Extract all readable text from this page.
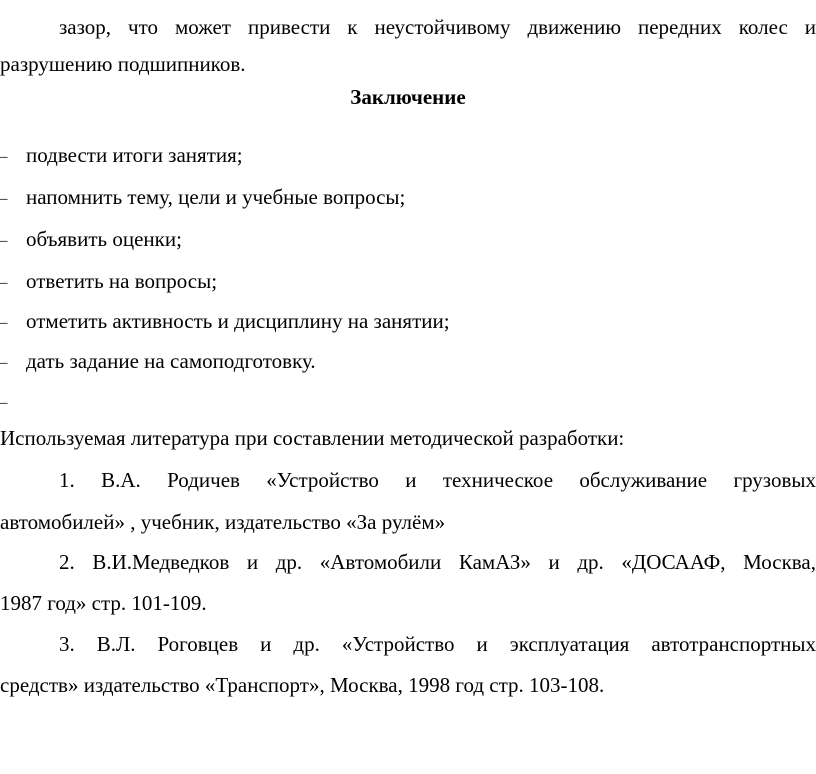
зазор, что может привести к неустойчивому движению передних колес и
разрушению подшипников.
Заключение
– подвести итоги занятия;
– напомнить тему, цели и учебные вопросы;
– объявить оценки;
– ответить на вопросы;
– отметить активность и дисциплину на занятии;
– дать задание на самоподготовку.
–
Используемая литература при составлении методической разработки:
1. В.А. Родичев «Устройство и техническое обслуживание грузовых
автомобилей» , учебник, издательство «За рулём»
2. В.И.Медведков и др. «Автомобили КамАЗ» и др. «ДОСААФ, Москва,
1987 год» стр. 101-109.
3. В.Л. Роговцев и др. «Устройство и эксплуатация автотранспортных
средств» издательство «Транспорт», Москва, 1998 год стр. 103-108.
